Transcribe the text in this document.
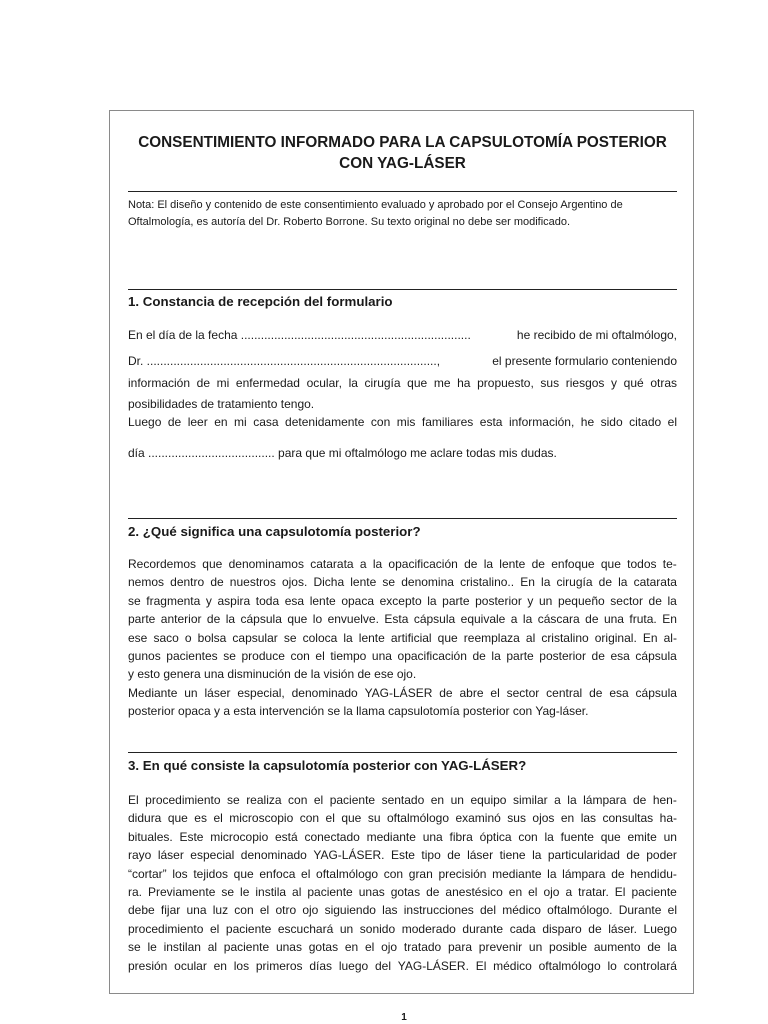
CONSENTIMIENTO INFORMADO PARA LA CAPSULOTOMÍA POSTERIOR
CON YAG-LÁSER
Nota: El diseño y contenido de este consentimiento evaluado y aprobado por el Consejo Argentino de
Oftalmología, es autoría del Dr. Roberto Borrone. Su texto original no debe ser modificado.
1. Constancia de recepción del formulario
En el día de la fecha .....................................................................	he recibido de mi oftalmólogo,
Dr. .......................................................................................,	el presente formulario conteniendo
información de mi enfermedad ocular, la cirugía que me ha propuesto, sus riesgos y qué otras
posibilidades de tratamiento tengo.
Luego de leer en mi casa detenidamente con mis familiares esta información, he sido citado el
día ...................................... para que mi oftalmólogo me aclare todas mis dudas.
2. ¿Qué significa una capsulotomía posterior?
Recordemos que denominamos catarata a la opacificación de la lente de enfoque que todos te-
nemos dentro de nuestros ojos. Dicha lente se denomina cristalino.. En la cirugía de la catarata
se fragmenta y aspira toda esa lente opaca excepto la parte posterior y un pequeño sector de la
parte anterior de la cápsula que lo envuelve. Esta cápsula equivale a la cáscara de una fruta. En
ese saco o bolsa capsular se coloca la lente artificial que reemplaza al cristalino original. En al-
gunos pacientes se produce con el tiempo una opacificación de la parte posterior de esa cápsula
y esto genera una disminución de la visión de ese ojo.
Mediante un láser especial, denominado YAG-LÁSER de abre el sector central de esa cápsula
posterior opaca y a esta intervención se la llama capsulotomía posterior con Yag-láser.
3. En qué consiste la capsulotomía posterior con YAG-LÁSER?
El procedimiento se realiza con el paciente sentado en un equipo similar a la lámpara de hen-
didura que es el microscopio con el que su oftalmólogo examinó sus ojos en las consultas ha-
bituales. Este microcopio está conectado mediante una fibra óptica con la fuente que emite un
rayo láser especial denominado YAG-LÁSER. Este tipo de láser tiene la particularidad de poder
“cortar” los tejidos que enfoca el oftalmólogo con gran precisión mediante la lámpara de hendidu-
ra. Previamente se le instila al paciente unas gotas de anestésico en el ojo a tratar. El paciente
debe fijar una luz con el otro ojo siguiendo las instrucciones del médico oftalmólogo. Durante el
procedimiento el paciente escuchará un sonido moderado durante cada disparo de láser. Luego
se le instilan al paciente unas gotas en el ojo tratado para prevenir un posible aumento de la
presión ocular en los primeros días luego del YAG-LÁSER. El médico oftalmólogo lo controlará
1
